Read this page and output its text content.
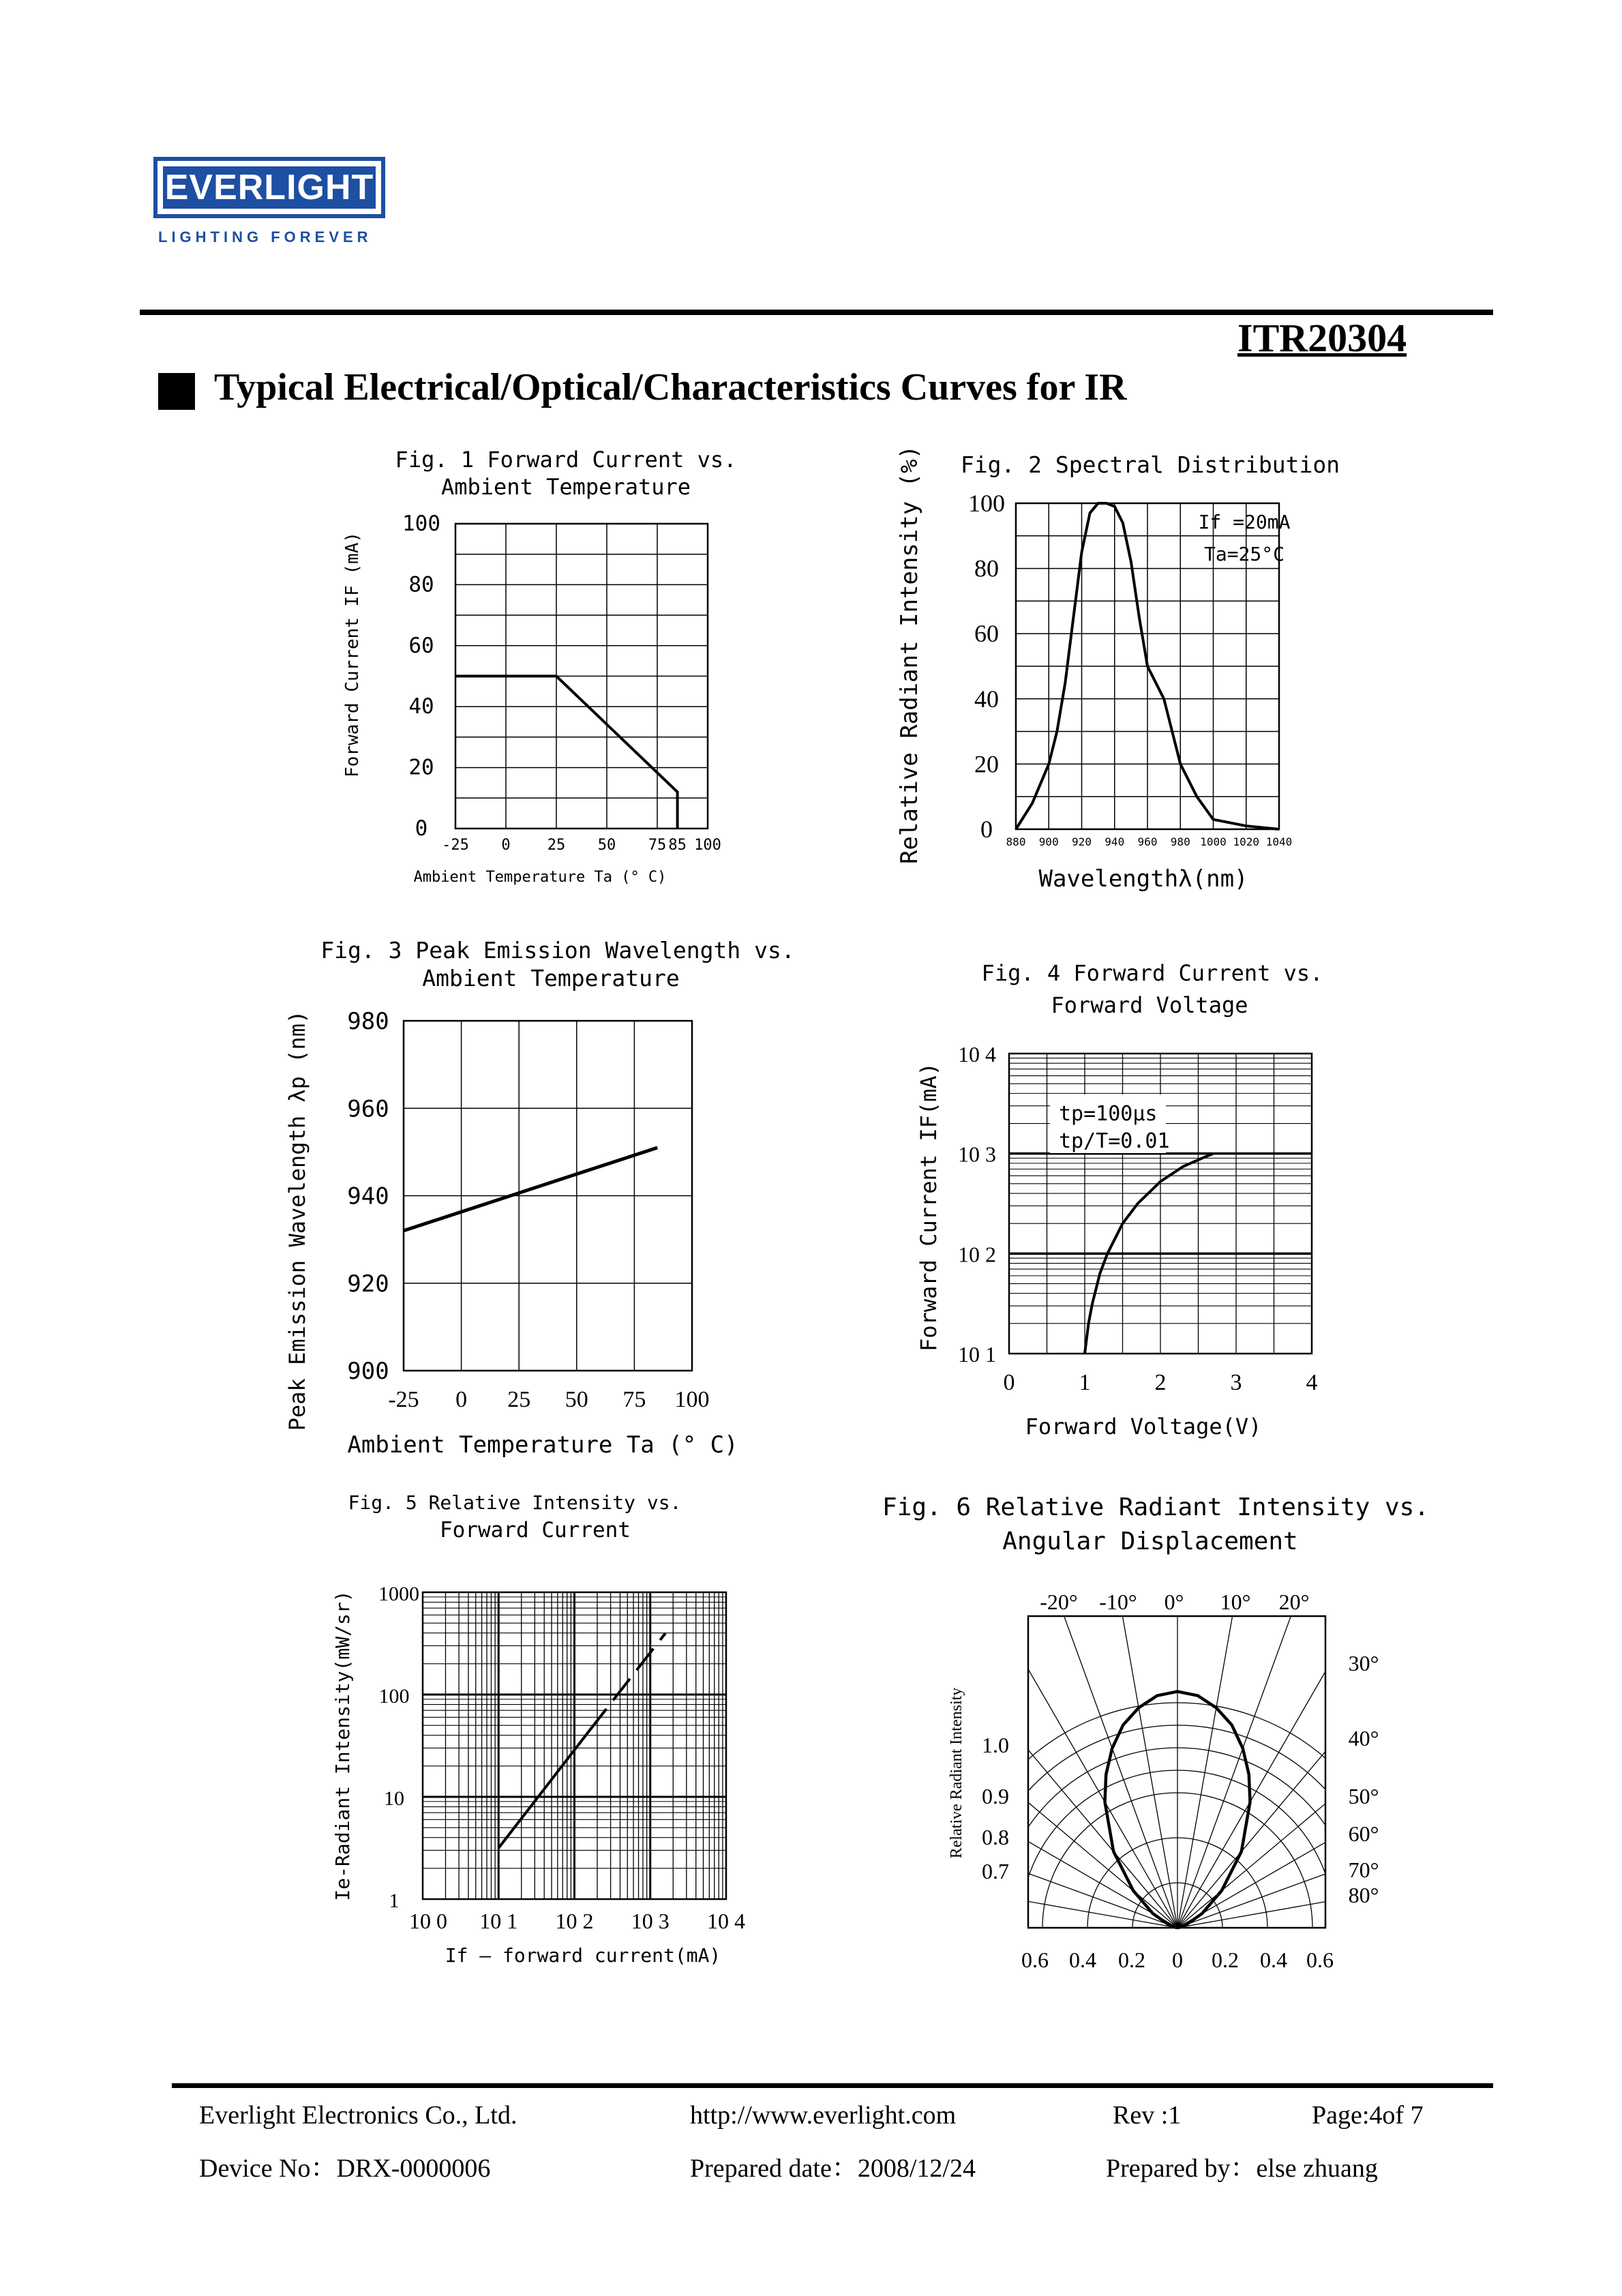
EVERLIGHT
LIGHTING FOREVER
ITR20304
Typical Electrical/Optical/Characteristics Curves for IR
Fig. 1 Forward Current vs.
Ambient Temperature
0
20
40
60
80
100
-25 0 25 50 75 85 100
Ambient Temperature Ta (° C)
Forward Current IF (mA)
Fig. 2 Spectral Distribution
0
20
40
60
80
100
880 900 920 940 960 980 1000 1020 1040
Wavelengthλ(nm)
Relative Radiant Intensity (%)	If =20mA
Ta=25°C
Fig. 3 Peak Emission Wavelength vs.
Ambient Temperature
900
920
940
960
980
-25 0 25 50 75 100
Ambient Temperature Ta (° C)
Peak Emission Wavelength λp (nm)
Fig. 4 Forward Current vs.
Forward Voltage
10 1
10 2
10 3
10 4
0	1	2	3	4
Forward Voltage(V)
Forward Current IF(mA)	tp=100μs
tp/T=0.01
Fig. 5 Relative Intensity vs.
Forward Current
1
10
100
1000
10 0 10 1 10 2 10 3 10 4
If — forward current(mA)
Ie-Radiant Intensity(mW/sr)
Fig. 6 Relative Radiant Intensity vs.
Angular Displacement
-20° -10° 0° 10° 20°
30°
40°
50°
60°
70°
80°
1.0
0.9
0.8
0.7
0.6 0.4 0.2 0 0.2 0.4 0.6
Relative Radiant Intensity
Everlight Electronics Co., Ltd.	http://www.everlight.com	Rev :1	Page:4of 7
Device No：DRX-0000006	Prepared date：2008/12/24	Prepared by：else zhuang
